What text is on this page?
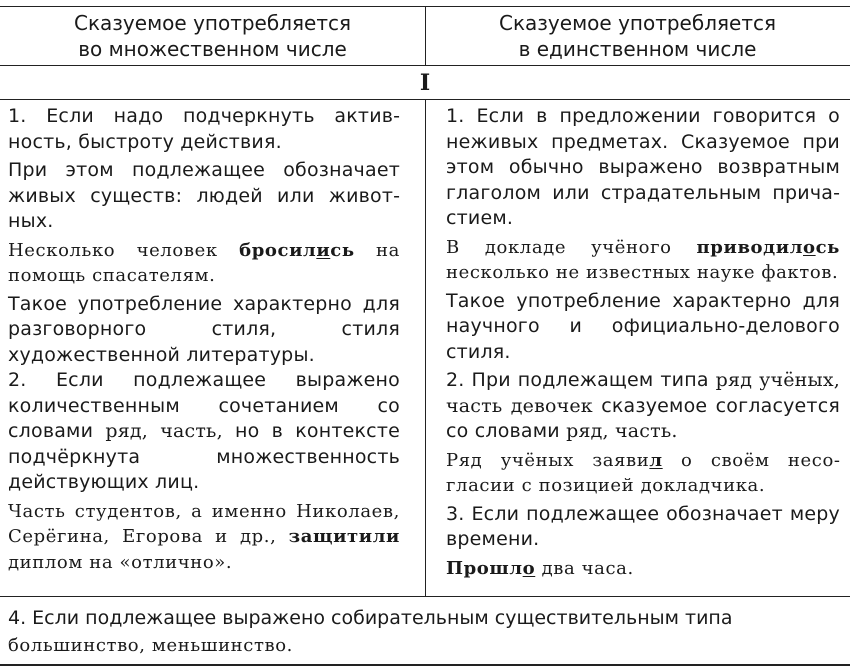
Сказуемое употребляется
во множественном числе
Сказуемое употребляется
в единственном числе
I

1. Если надо подчеркнуть активность, быстроту действия.

При этом подлежащее обозначает живых существ: людей или животных.

Несколько человек бросились на помощь спасателям.

Такое употребление характерно для разговорного стиля, стиля художественной литературы.

2. Если подлежащее выражено количественным сочетанием со словами ряд, часть, но в контексте подчёркнута множественность действующих лиц.

Часть студентов, а именно Николаев, Серёгина, Егорова и др., защитили диплом на «отлично».

1. Если в предложении говорится о неживых предметах. Сказуемое при этом обычно выражено возвратным глаголом или страдательным причастием.

В докладе учёного приводилось несколько не известных науке фактов.

Такое употребление характерно для научного и официально-делового стиля.

2. При подлежащем типа ряд учёных, часть девочек сказуемое согласуется со словами ряд, часть.

Ряд учёных заявил о своём несогласии с позицией докладчика.

3. Если подлежащее обозначает меру времени.

Прошло два часа.

4. Если подлежащее выражено собирательным существительным типа
большинство, меньшинство.
